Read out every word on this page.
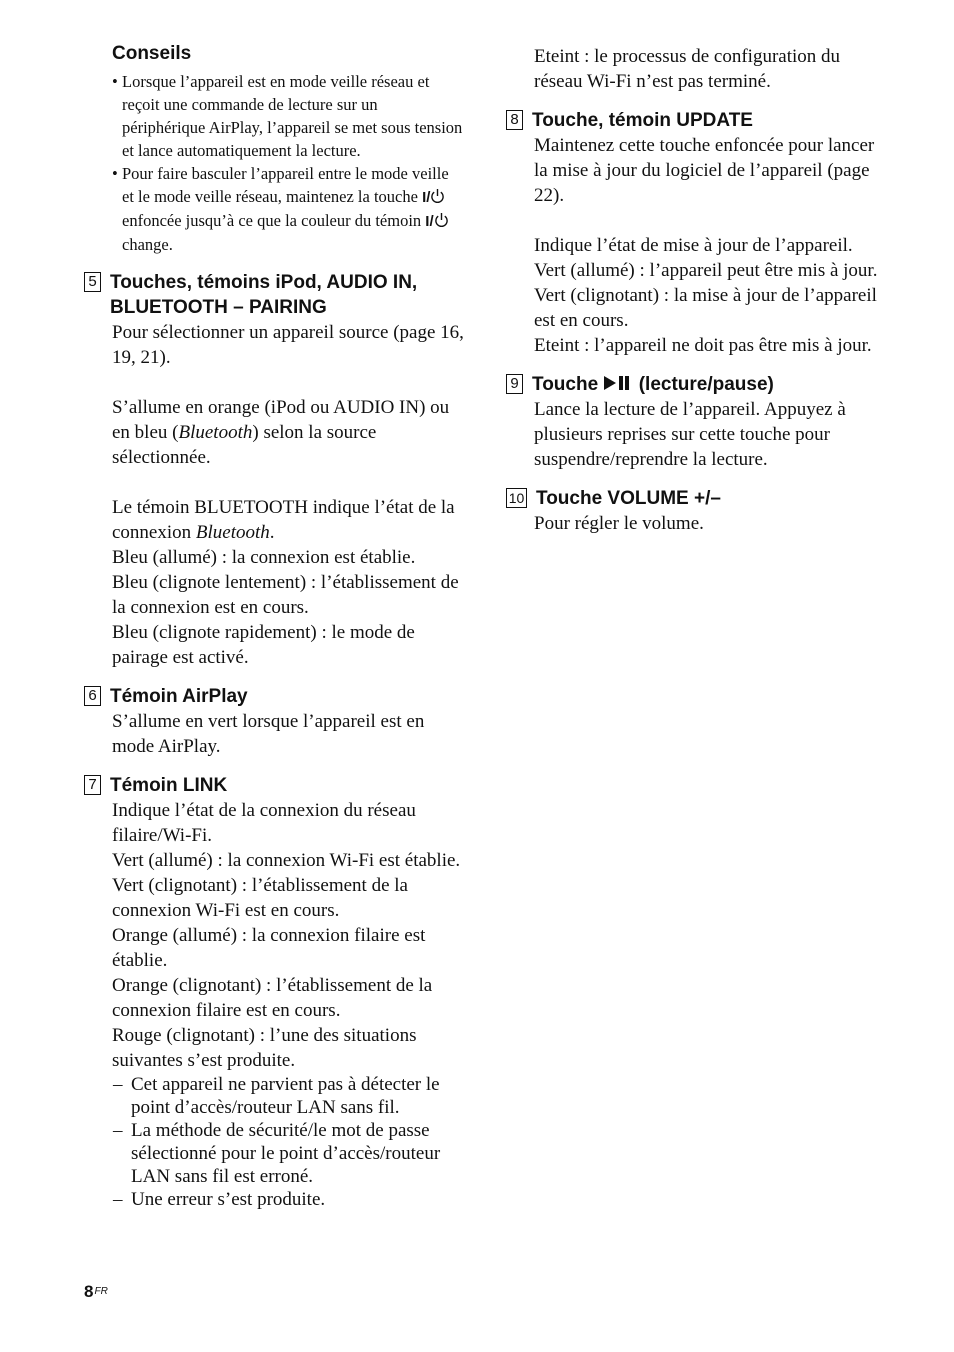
Conseils
• Lorsque l’appareil est en mode veille réseau et reçoit une commande de lecture sur un périphérique AirPlay, l’appareil se met sous tension et lance automatiquement la lecture.
• Pour faire basculer l’appareil entre le mode veille et le mode veille réseau, maintenez la touche I/ enfoncée jusqu’à ce que la couleur du témoin I/ change.
5 Touches, témoins iPod, AUDIO IN, BLUETOOTH – PAIRING

Pour sélectionner un appareil source (page 16, 19, 21).

S’allume en orange (iPod ou AUDIO IN) ou en bleu (Bluetooth) selon la source sélectionnée.

Le témoin BLUETOOTH indique l’état de la connexion Bluetooth.

Bleu (allumé) : la connexion est établie.

Bleu (clignote lentement) : l’établissement de la connexion est en cours.

Bleu (clignote rapidement) : le mode de pairage est activé.

6 Témoin AirPlay

S’allume en vert lorsque l’appareil est en mode AirPlay.

7 Témoin LINK

Indique l’état de la connexion du réseau filaire/Wi-Fi.

Vert (allumé) : la connexion Wi-Fi est établie.

Vert (clignotant) : l’établissement de la connexion Wi-Fi est en cours.

Orange (allumé) : la connexion filaire est établie.

Orange (clignotant) : l’établissement de la connexion filaire est en cours.

Rouge (clignotant) : l’une des situations suivantes s’est produite.

– Cet appareil ne parvient pas à détecter le point d’accès/routeur LAN sans fil.
– La méthode de sécurité/le mot de passe sélectionné pour le point d’accès/routeur LAN sans fil est erroné.
– Une erreur s’est produite.

Eteint : le processus de configuration du réseau Wi-Fi n’est pas terminé.

8 Touche, témoin UPDATE

Maintenez cette touche enfoncée pour lancer la mise à jour du logiciel de l’appareil (page 22).

Indique l’état de mise à jour de l’appareil.

Vert (allumé) : l’appareil peut être mis à jour.

Vert (clignotant) : la mise à jour de l’appareil est en cours.

Eteint : l’appareil ne doit pas être mis à jour.

9 Touche (lecture/pause)

Lance la lecture de l’appareil. Appuyez à plusieurs reprises sur cette touche pour suspendre/reprendre la lecture.

10 Touche VOLUME +/–

Pour régler le volume.

$8^{FR}$
